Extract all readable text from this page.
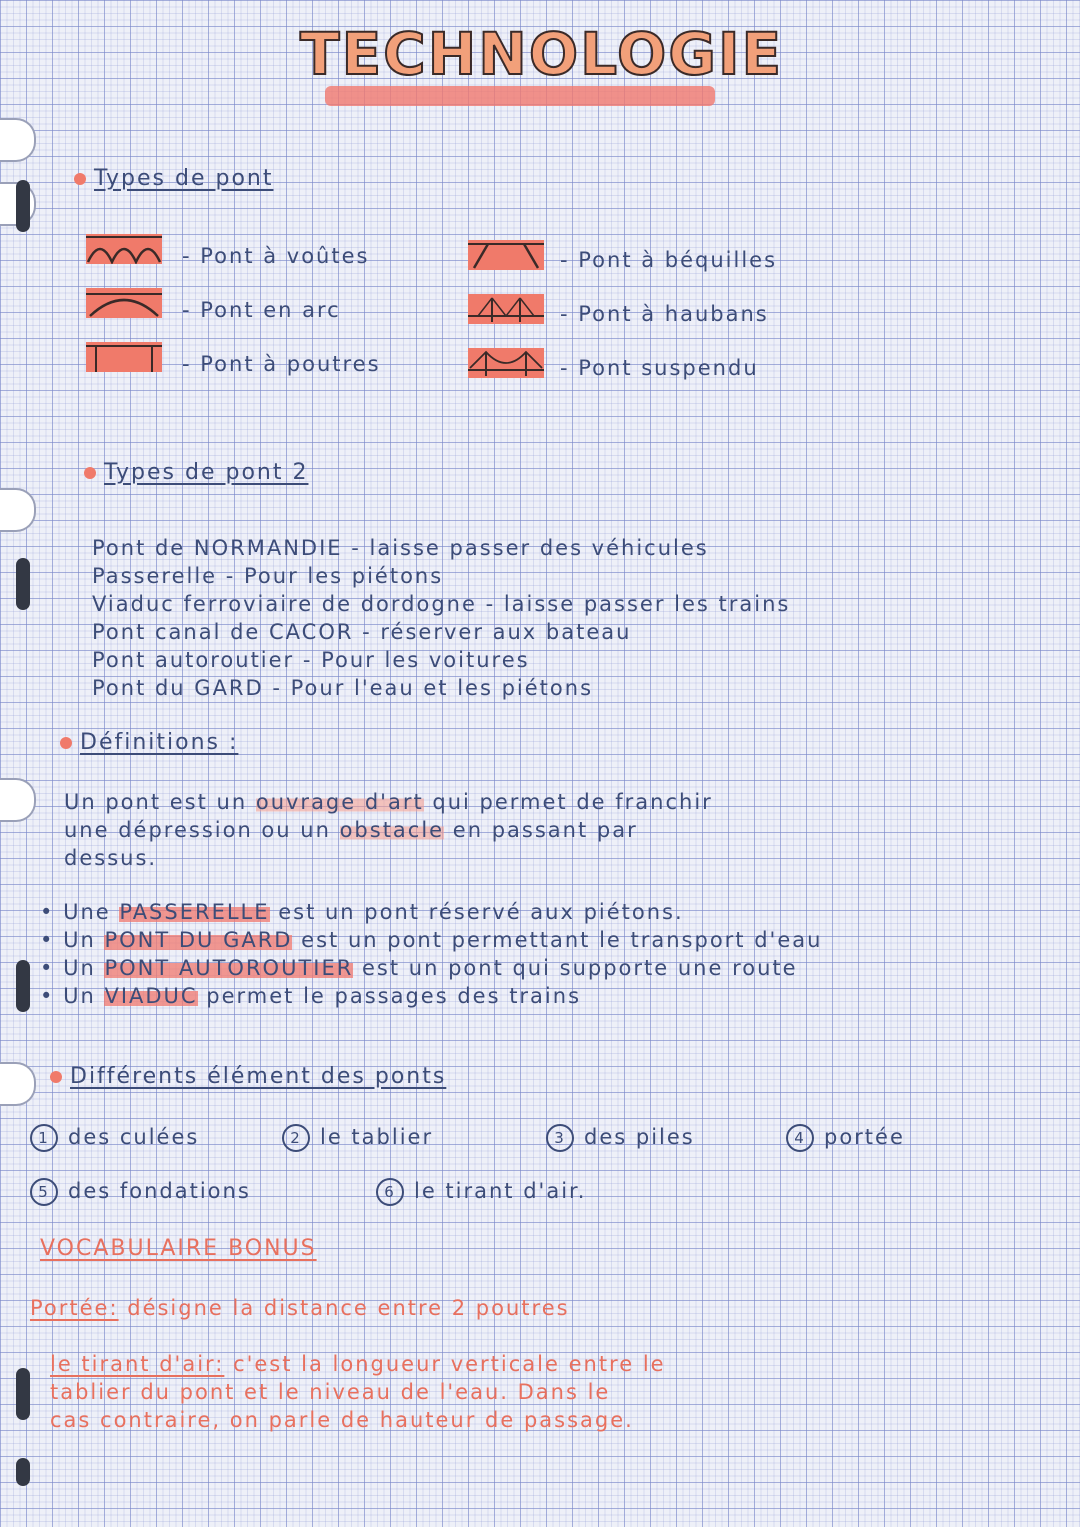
TECHNOLOGIE
Types de pont
- Pont à voûtes
- Pont en arc
- Pont à poutres
- Pont à béquilles
- Pont à haubans
- Pont suspendu
Types de pont 2
Pont de NORMANDIE - laisse passer des véhicules
Passerelle - Pour les piétons
Viaduc ferroviaire de dordogne - laisse passer les trains
Pont canal de CACOR - réserver aux bateau
Pont autoroutier - Pour les voitures
Pont du GARD - Pour l'eau et les piétons
Définitions :
Un pont est un ouvrage d'art qui permet de franchir
une dépression ou un obstacle en passant par
dessus.
• Une PASSERELLE est un pont réservé aux piétons.
• Un PONT DU GARD est un pont permettant le transport d'eau
• Un PONT AUTOROUTIER est un pont qui supporte une route
• Un VIADUC permet le passages des trains
Différents élément des ponts
1 des culées	2 le tablier	3 des piles	4 portée
5 des fondations	6 le tirant d'air.
VOCABULAIRE BONUS
Portée: désigne la distance entre 2 poutres
le tirant d'air: c'est la longueur verticale entre le
tablier du pont et le niveau de l'eau. Dans le
cas contraire, on parle de hauteur de passage.
